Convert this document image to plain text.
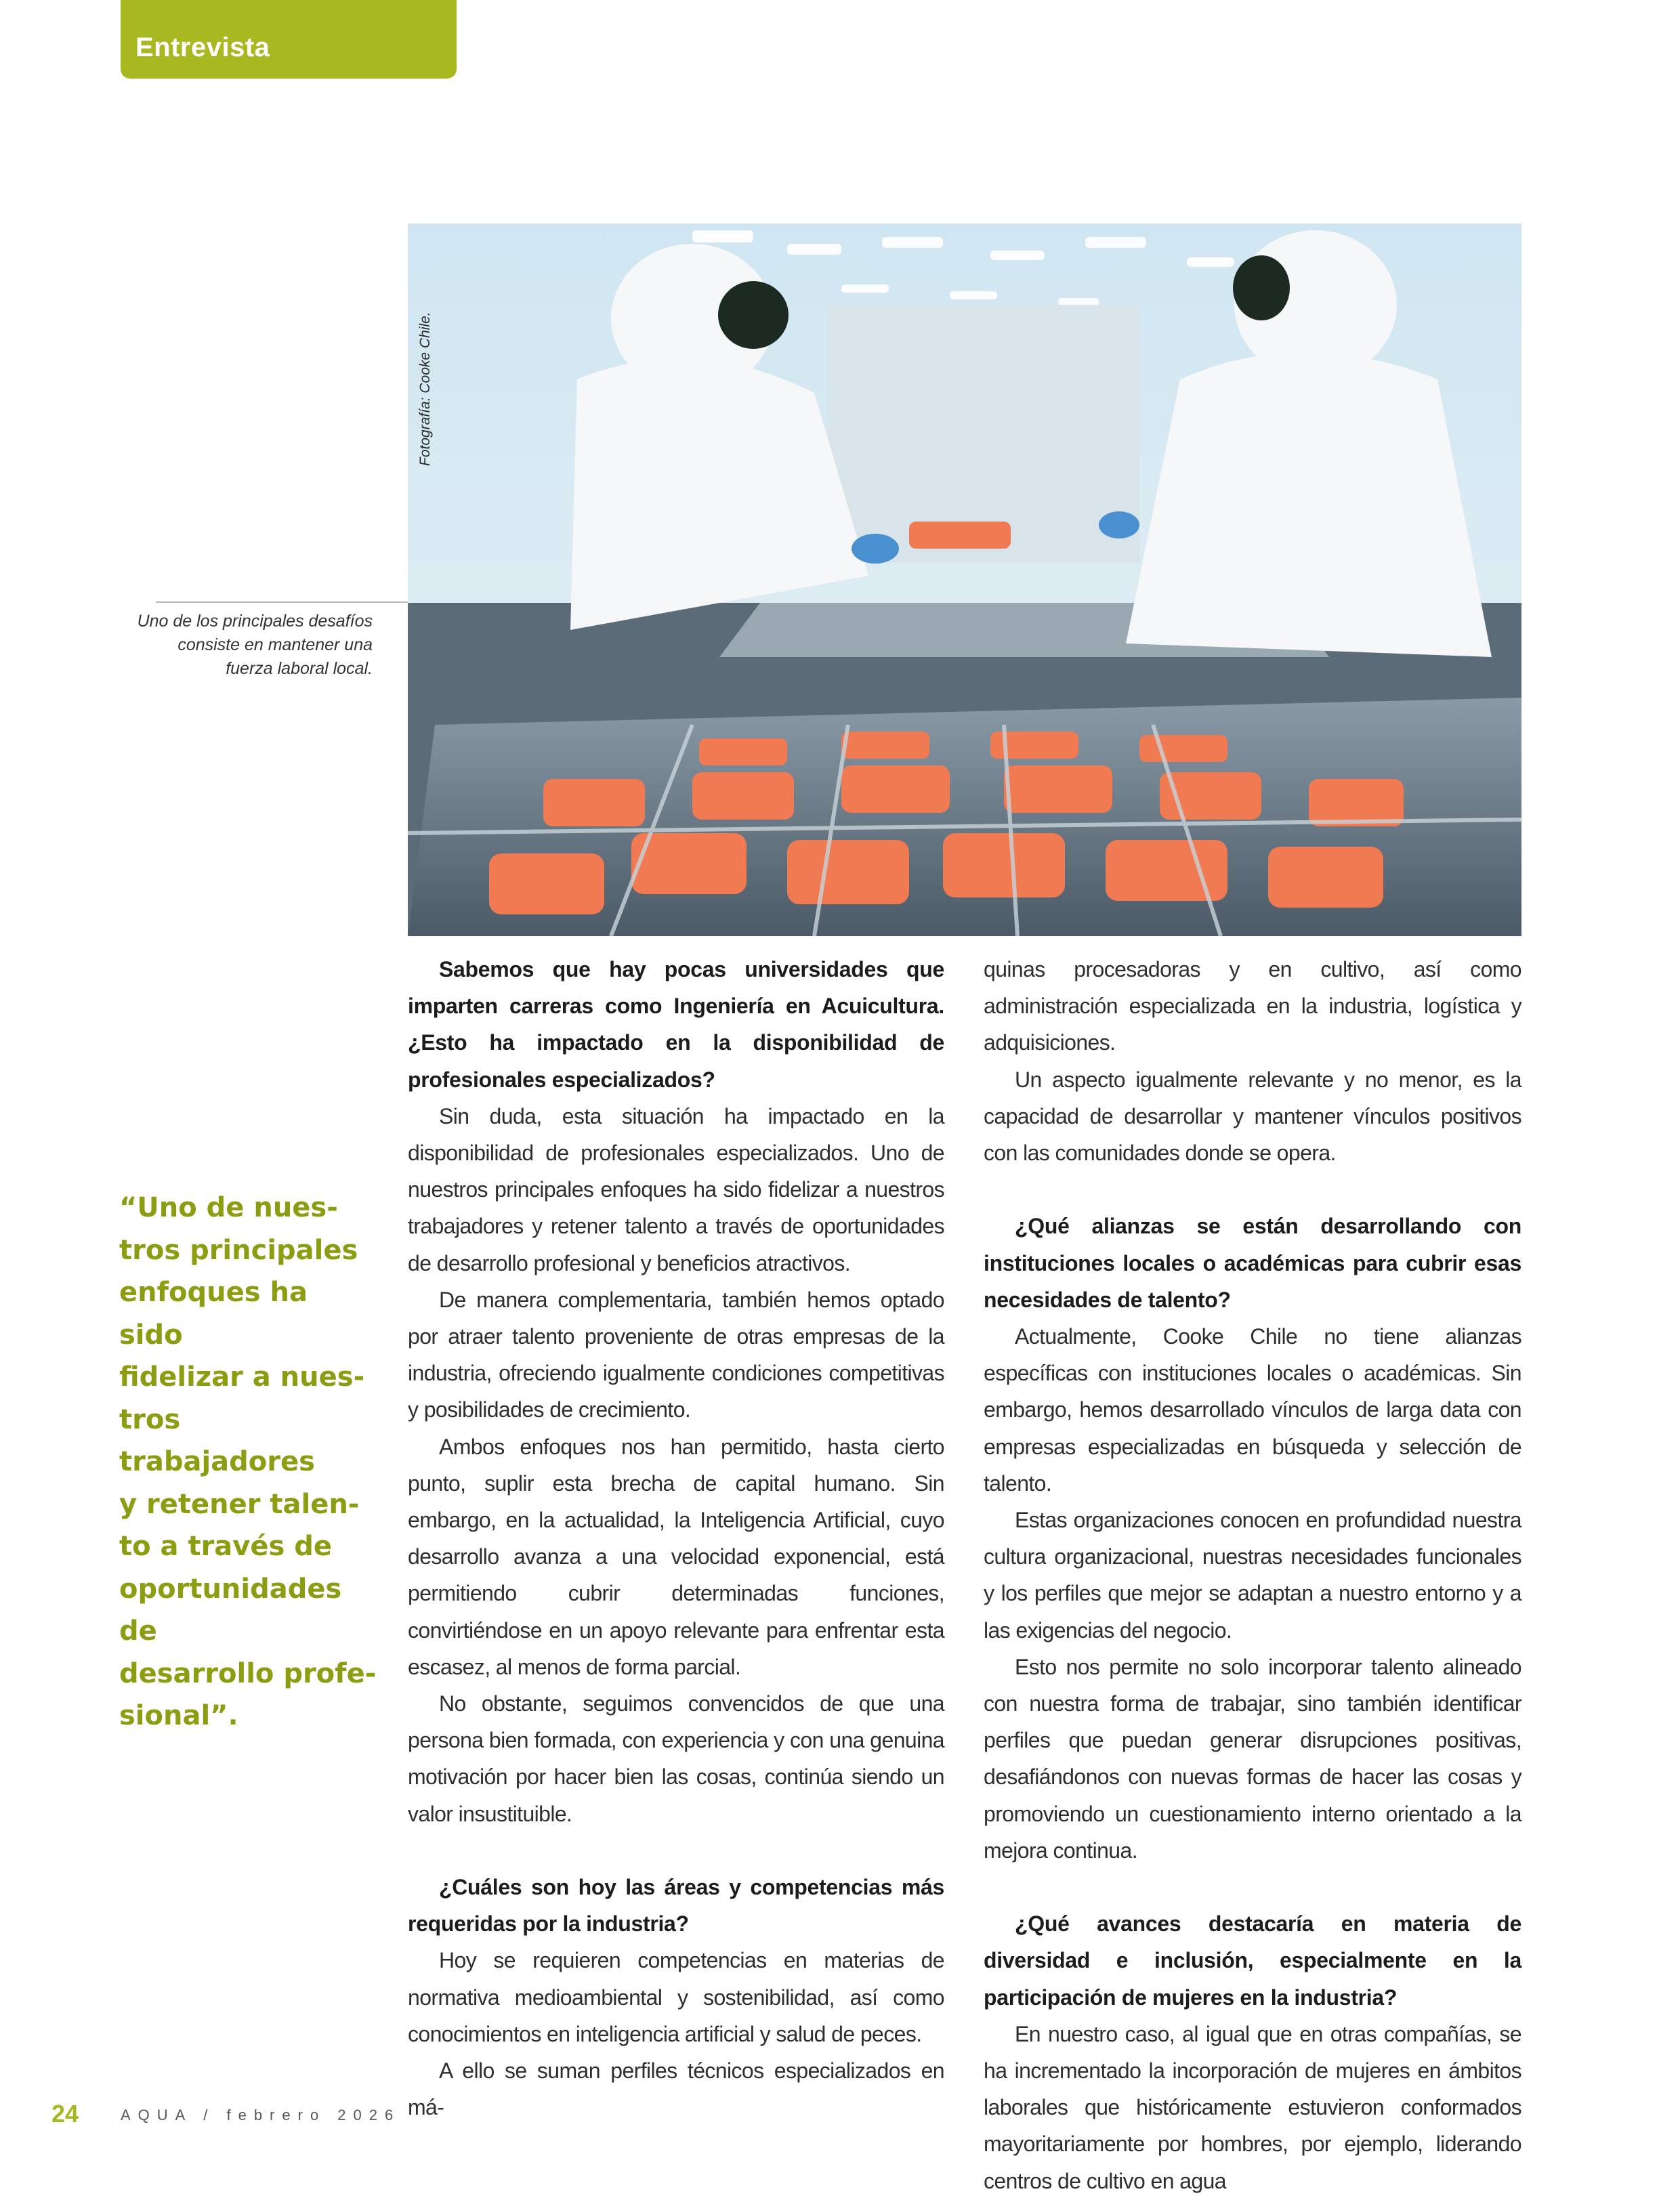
Entrevista
Fotografía: Cooke Chile.
Uno de los principales desafíos consiste en mantener una fuerza laboral local.
“Uno de nues-
tros principales
enfoques ha sido
fidelizar a nues-
tros trabajadores
y retener talen-
to a través de
oportunidades de
desarrollo profe-
sional”.

Sabemos que hay pocas universidades que imparten carreras como Ingeniería en Acuicultura. ¿Esto ha impactado en la disponibilidad de profesionales especializados?

Sin duda, esta situación ha impactado en la disponibilidad de profesionales especializados. Uno de nuestros principales enfoques ha sido fidelizar a nuestros trabajadores y retener talento a través de oportunidades de desarrollo profesional y beneficios atractivos.

De manera complementaria, también hemos optado por atraer talento proveniente de otras empresas de la industria, ofreciendo igualmente condiciones competitivas y posibilidades de crecimiento.

Ambos enfoques nos han permitido, hasta cierto punto, suplir esta brecha de capital humano. Sin embargo, en la actualidad, la Inteligencia Artificial, cuyo desarrollo avanza a una velocidad exponencial, está permitiendo cubrir determinadas funciones, convirtiéndose en un apoyo relevante para enfrentar esta escasez, al menos de forma parcial.

No obstante, seguimos convencidos de que una persona bien formada, con experiencia y con una genuina motivación por hacer bien las cosas, continúa siendo un valor insustituible.

¿Cuáles son hoy las áreas y competencias más requeridas por la industria?

Hoy se requieren competencias en materias de normativa medioambiental y sostenibilidad, así como conocimientos en inteligencia artificial y salud de peces.

A ello se suman perfiles técnicos especializados en má-

quinas procesadoras y en cultivo, así como administración especializada en la industria, logística y adquisiciones.

Un aspecto igualmente relevante y no menor, es la capacidad de desarrollar y mantener vínculos positivos con las comunidades donde se opera.

¿Qué alianzas se están desarrollando con instituciones locales o académicas para cubrir esas necesidades de talento?

Actualmente, Cooke Chile no tiene alianzas específicas con instituciones locales o académicas. Sin embargo, hemos desarrollado vínculos de larga data con empresas especializadas en búsqueda y selección de talento.

Estas organizaciones conocen en profundidad nuestra cultura organizacional, nuestras necesidades funcionales y los perfiles que mejor se adaptan a nuestro entorno y a las exigencias del negocio.

Esto nos permite no solo incorporar talento alineado con nuestra forma de trabajar, sino también identificar perfiles que puedan generar disrupciones positivas, desafiándonos con nuevas formas de hacer las cosas y promoviendo un cuestionamiento interno orientado a la mejora continua.

¿Qué avances destacaría en materia de diversidad e inclusión, especialmente en la participación de mujeres en la industria?

En nuestro caso, al igual que en otras compañías, se ha incrementado la incorporación de mujeres en ámbitos laborales que históricamente estuvieron conformados mayoritariamente por hombres, por ejemplo, liderando centros de cultivo en agua

24	AQUA / febrero 2026
